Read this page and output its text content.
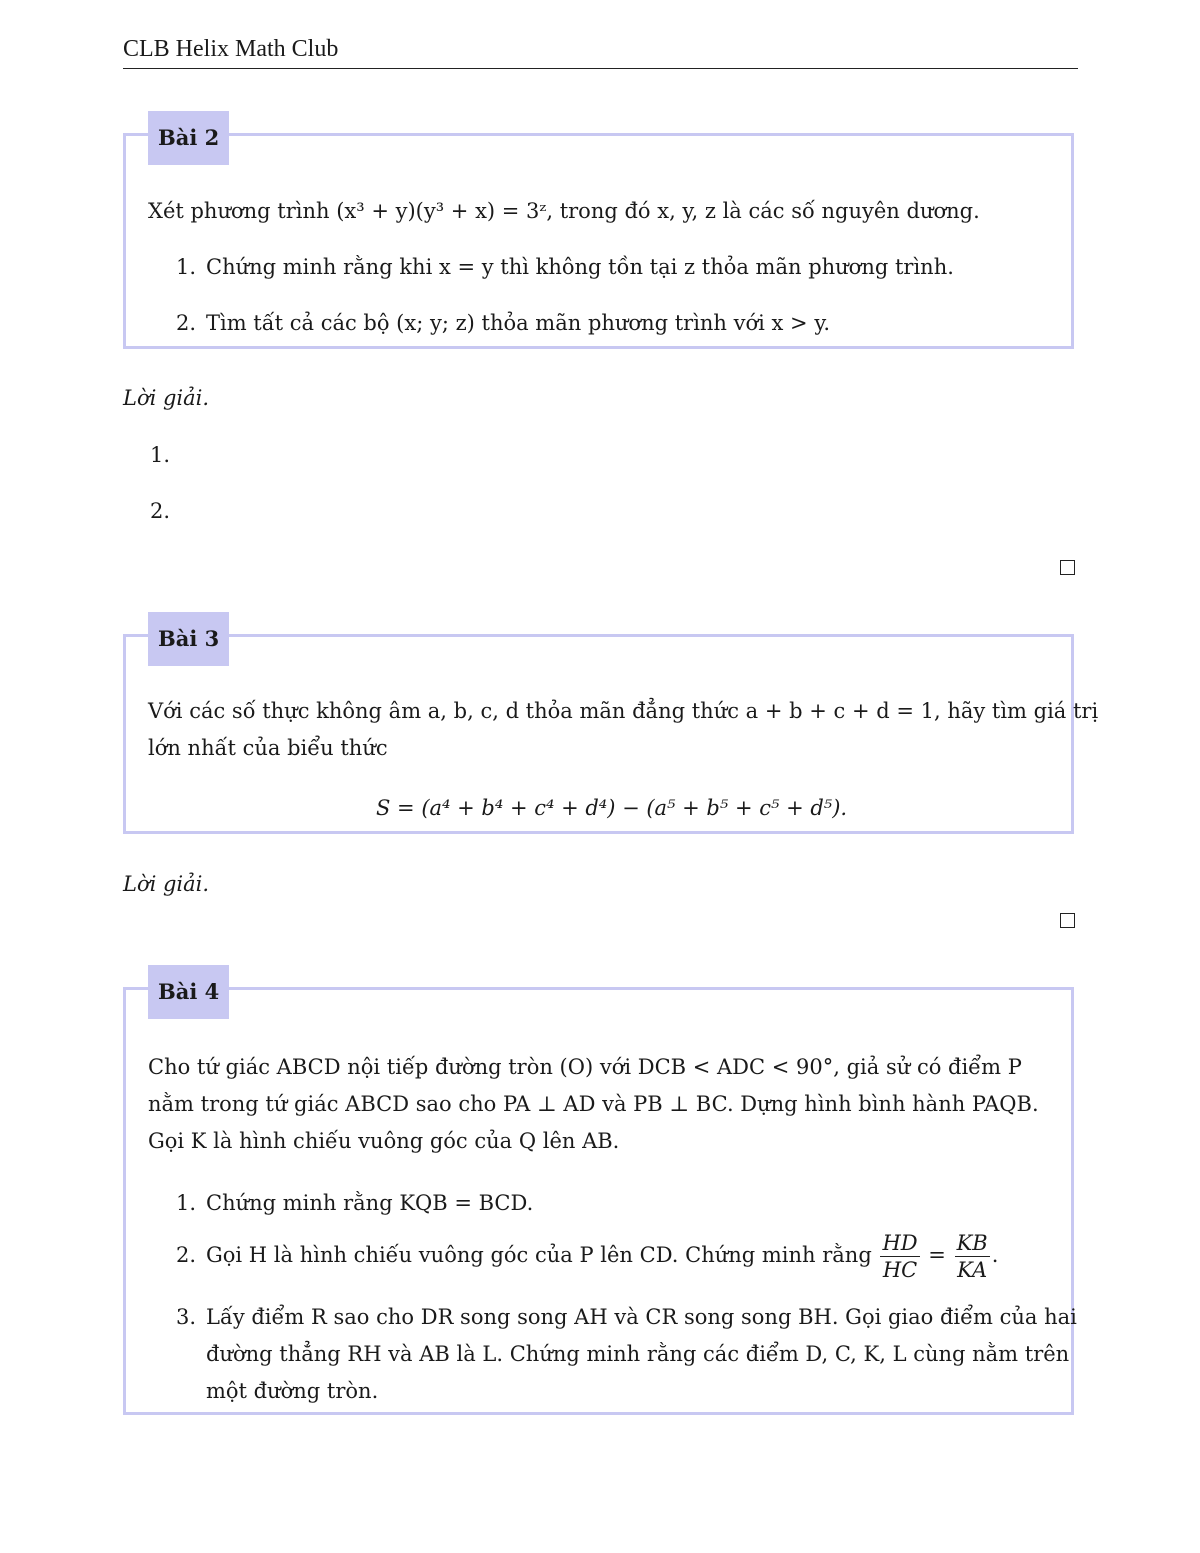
CLB Helix Math Club
Bài 2
Xét phương trình (x³ + y)(y³ + x) = 3ᶻ, trong đó x, y, z là các số nguyên dương.
1. Chứng minh rằng khi x = y thì không tồn tại z thỏa mãn phương trình.
2. Tìm tất cả các bộ (x; y; z) thỏa mãn phương trình với x > y.
Lời giải.
1.
2.
Bài 3
Với các số thực không âm a, b, c, d thỏa mãn đẳng thức a + b + c + d = 1, hãy tìm giá trị
lớn nhất của biểu thức
S = (a⁴ + b⁴ + c⁴ + d⁴) − (a⁵ + b⁵ + c⁵ + d⁵).
Lời giải.
Bài 4
Cho tứ giác ABCD nội tiếp đường tròn (O) với DCB < ADC < 90°, giả sử có điểm P
nằm trong tứ giác ABCD sao cho PA ⊥ AD và PB ⊥ BC. Dựng hình bình hành PAQB.
Gọi K là hình chiếu vuông góc của Q lên AB.
1. Chứng minh rằng KQB = BCD.
2. Gọi H là hình chiếu vuông góc của P lên CD. Chứng minh rằng $\frac{HD}{HC} = \frac{KB}{KA}$ .
3. Lấy điểm R sao cho DR song song AH và CR song song BH. Gọi giao điểm của hai
đường thẳng RH và AB là L. Chứng minh rằng các điểm D, C, K, L cùng nằm trên
một đường tròn.
